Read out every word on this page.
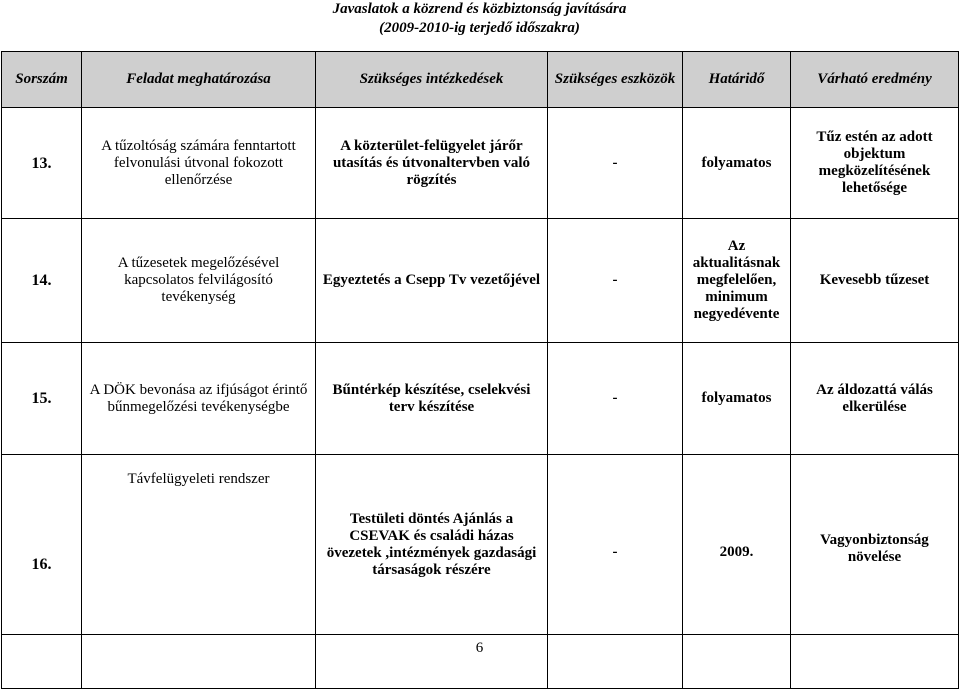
Javaslatok a közrend és közbiztonság javítására
(2009-2010-ig terjedő időszakra)
Sorszám	Feladat meghatározása	Szükséges intézkedések	Szükséges eszközök	Határidő	Várható eredmény
13.	A tűzoltóság számára fenntartott felvonulási útvonal fokozott ellenőrzése	A közterület-felügyelet járőr utasítás és útvonaltervben való rögzítés	-	folyamatos	Tűz estén az adott objektum megközelítésének lehetősége
14.	A tűzesetek megelőzésével kapcsolatos felvilágosító tevékenység	Egyeztetés a Csepp Tv vezetőjével	-	Az aktualitásnak megfelelően, minimum negyedévente	Kevesebb tűzeset
15.	A DÖK bevonása az ifjúságot érintő bűnmegelőzési tevékenységbe	Bűntérkép készítése, cselekvési terv készítése	-	folyamatos	Az áldozattá válás elkerülése
16.	Távfelügyeleti rendszer	Testületi döntés Ajánlás a CSEVAK és családi házas övezetek ,intézmények gazdasági társaságok részére	-	2009.	Vagyonbiztonság növelése

6
